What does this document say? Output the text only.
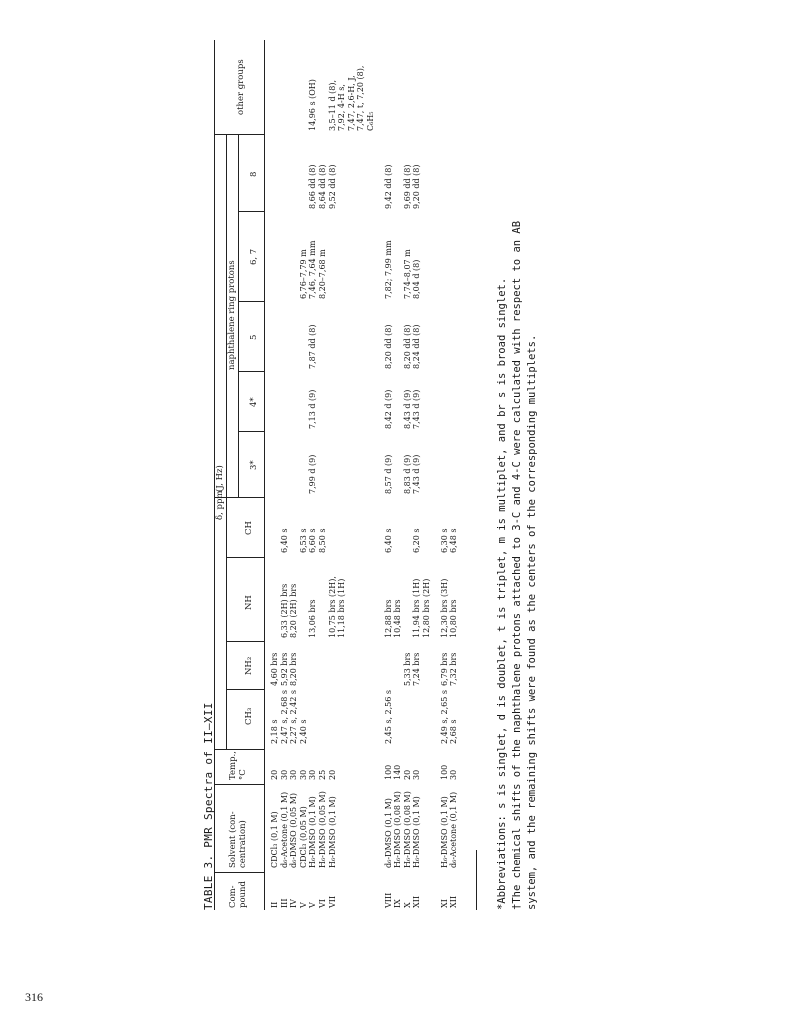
316
TABLE 3. PMR Spectra of II–XII Com-
pound
Solvent (con-
centration)
Temp.,
°C
δ, ppm
(J, Hz)
CH₃
NH₂
NH
CH
naphthalene ring protons
3*
4*
5
6, 7
8
other groups
II
CDCl₃ (0,1 M)
20
2,18 s
4,60 brs
III
d₆-Acetone (0,1 M)
30
2,47 s, 2,68 s
5,92 brs
6,33 (2H) brs
6,40 s
IV
d₆-DMSO (0,05 M)
30
2,27 s, 2,42 s
8,20 brs
8,20 (2H) brs
V
CDCl₃ (0,05 M)
30
2,40 s
6,53 s
6,76–7,79 m
V
H₆-DMSO (0,1 M)
30
13,06 brs
6,60 s
7,99 d (9)
7,13 d (9)
7,87 dd (8)
7,46, 7,64 mm
8,66 dd (8)
14,96 s (OH)
VI
H₆-DMSO (0,05 M)
25
8,50 s
8,20–7,68 m
8,64 dd (8)
VII
H₆-DMSO (0,1 M)
20
10,75 brs (2H),
9,52 dd (8)
3,5–11 d (8),
11,18 brs (1H)
7,92, 4-H s, 7,47, 2,6-H, J, 7,47, t, 7,20 (8), C₆H₅
VIII
d₆-DMSO (0,1 M)
100
2,45 s, 2,56 s
12,88 brs
6,40 s
8,57 d (9)
8,42 d (9)
8,20 dd (8)
7,82; 7,99 mm
9,42 dd (8)
IX
H₆-DMSO (0,08 M)
140
10,48 brs
X
H₆-DMSO (0,08 M)
20
5,33 brs
8,83 d (9)
8,43 d (9)
8,20 dd (8)
7,74–8,07 m
9,69 dd (8)
XII
H₆-DMSO (0,1 M)
30
7,24 brs
11,94 brs (1H)
6,20 s
7,43 d (9)
7,43 d (9)
8,24 dd (8)
8,04 d (8)
9,20 dd (8)
12,80 brs (2H)
XI
H₆-DMSO (0,1 M)
100
2,49 s, 2,65 s
6,79 brs
12,30 brs (3H)
6,30 s
XII
d₆-Acetone (0,1 M)
30
2,68 s
7,32 brs
10,80 brs
6,48 s	*Abbreviations: s is singlet, d is doublet, t is triplet, m is multiplet, and br s is broad singlet. †The chemical shifts of the naphthalene protons attached to 3-C and 4-C were calculated with respect to an AB system, and the remaining shifts were found as the centers of the corresponding multiplets.
